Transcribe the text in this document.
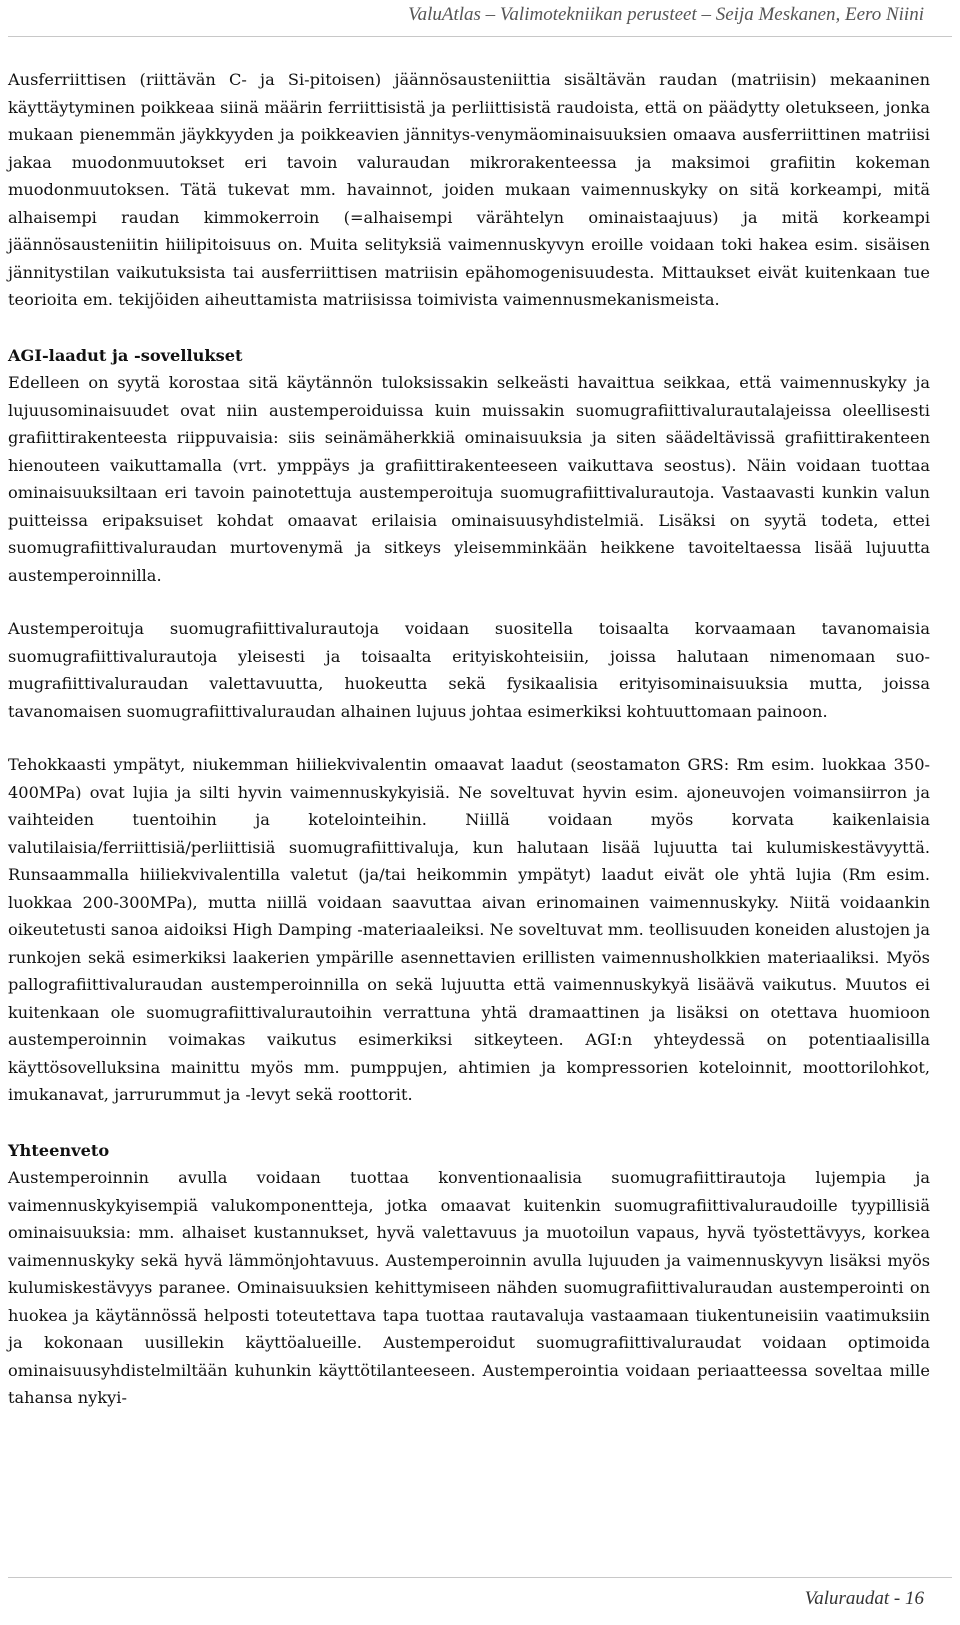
ValuAtlas – Valimotekniikan perusteet – Seija Meskanen, Eero Niini

Ausferriittisen (riittävän C- ja Si-pitoisen) jäännösausteniittia sisältävän raudan (matriisin) mekaaninen käyttäytyminen poikkeaa siinä määrin ferriittisistä ja perliittisistä raudoista, että on päädytty oletukseen, jonka mukaan pienemmän jäykkyyden ja poikkeavien jännitys-venymäominaisuuksien omaava ausferriittinen matriisi jakaa muodonmuutokset eri tavoin valuraudan mikrorakenteessa ja maksimoi grafiitin kokeman muodonmuutoksen. Tätä tukevat mm. havainnot, joiden mukaan vaimennuskyky on sitä korkeampi, mitä alhaisempi raudan kimmokerroin (=alhaisempi värähtelyn ominaistaajuus) ja mitä korkeampi jäännösausteniitin hiilipitoisuus on. Muita selityksiä vaimennuskyvyn eroille voidaan toki hakea esim. sisäisen jännitystilan vaikutuksista tai ausferriittisen matriisin epähomogenisuudesta. Mittaukset eivät kuitenkaan tue teorioita em. tekijöiden aiheuttamista matriisissa toimivista vaimennusmekanismeista.

AGI-laadut ja -sovellukset

Edelleen on syytä korostaa sitä käytännön tuloksissakin selkeästi havaittua seikkaa, että vaimennuskyky ja lujuusominaisuudet ovat niin austemperoiduissa kuin muissakin suomugrafiittivalurautalajeissa oleellisesti grafiittirakenteesta riippuvaisia: siis seinämäherkkiä ominaisuuksia ja siten säädeltävissä grafiittirakenteen hienouteen vaikuttamalla (vrt. ymppäys ja grafiittirakenteeseen vaikuttava seostus). Näin voidaan tuottaa ominaisuuksiltaan eri tavoin painotettuja austemperoituja suomugrafiittivalurautoja. Vastaavasti kunkin valun puitteissa eripaksuiset kohdat omaavat erilaisia ominaisuusyhdistelmiä. Lisäksi on syytä todeta, ettei suomugrafiittivaluraudan murtovenymä ja sitkeys yleisemminkään heikkene tavoiteltaessa lisää lujuutta austemperoinnilla.

Austemperoituja suomugrafiittivalurautoja voidaan suositella toisaalta korvaamaan tavanomaisia suomugrafiittivalurautoja yleisesti ja toisaalta erityiskohteisiin, joissa halutaan nimenomaan suomugrafiittivaluraudan valettavuutta, huokeutta sekä fysikaalisia erityisominaisuuksia mutta, joissa tavanomaisen suomugrafiittivaluraudan alhainen lujuus johtaa esimerkiksi kohtuuttomaan painoon.

Tehokkaasti ympätyt, niukemman hiiliekvivalentin omaavat laadut (seostamaton GRS: Rm esim. luokkaa 350-400MPa) ovat lujia ja silti hyvin vaimennuskykyisiä. Ne soveltuvat hyvin esim. ajoneuvojen voimansiirron ja vaihteiden tuentoihin ja kotelointeihin. Niillä voidaan myös korvata kaikenlaisia valutilaisia/ferriittisiä/perliittisiä suomugrafiittivaluja, kun halutaan lisää lujuutta tai kulumiskestävyyttä. Runsaammalla hiiliekvivalentilla valetut (ja/tai heikommin ympätyt) laadut eivät ole yhtä lujia (Rm esim. luokkaa 200-300MPa), mutta niillä voidaan saavuttaa aivan erinomainen vaimennuskyky. Niitä voidaankin oikeutetusti sanoa aidoiksi High Damping -materiaaleiksi. Ne soveltuvat mm. teollisuuden koneiden alustojen ja runkojen sekä esimerkiksi laakerien ympärille asennettavien erillisten vaimennusholkkien materiaaliksi. Myös pallografiittivaluraudan austemperoinnilla on sekä lujuutta että vaimennuskykyä lisäävä vaikutus. Muutos ei kuitenkaan ole suomugrafiittivalurautoihin verrattuna yhtä dramaattinen ja lisäksi on otettava huomioon austemperoinnin voimakas vaikutus esimerkiksi sitkeyteen. AGI:n yhteydessä on potentiaalisilla käyttösovelluksina mainittu myös mm. pumppujen, ahtimien ja kompressorien koteloinnit, moottorilohkot, imukanavat, jarrurummut ja -levyt sekä roottorit.

Yhteenveto

Austemperoinnin avulla voidaan tuottaa konventionaalisia suomugrafiittirautoja lujempia ja vaimennuskykyisempiä valukomponentteja, jotka omaavat kuitenkin suomugrafiittivaluraudoille tyypillisiä ominaisuuksia: mm. alhaiset kustannukset, hyvä valettavuus ja muotoilun vapaus, hyvä työstettävyys, korkea vaimennuskyky sekä hyvä lämmönjohtavuus. Austemperoinnin avulla lujuuden ja vaimennuskyvyn lisäksi myös kulumiskestävyys paranee. Ominaisuuksien kehittymiseen nähden suomugrafiittivaluraudan austemperointi on huokea ja käytännössä helposti toteutettava tapa tuottaa rautavaluja vastaamaan tiukentuneisiin vaatimuksiin ja kokonaan uusillekin käyttöalueille. Austemperoidut suomugrafiittivaluraudat voidaan optimoida ominaisuusyhdistelmiltään kuhunkin käyttötilanteeseen. Austemperointia voidaan periaatteessa soveltaa mille tahansa nykyi-

Valuraudat - 16
